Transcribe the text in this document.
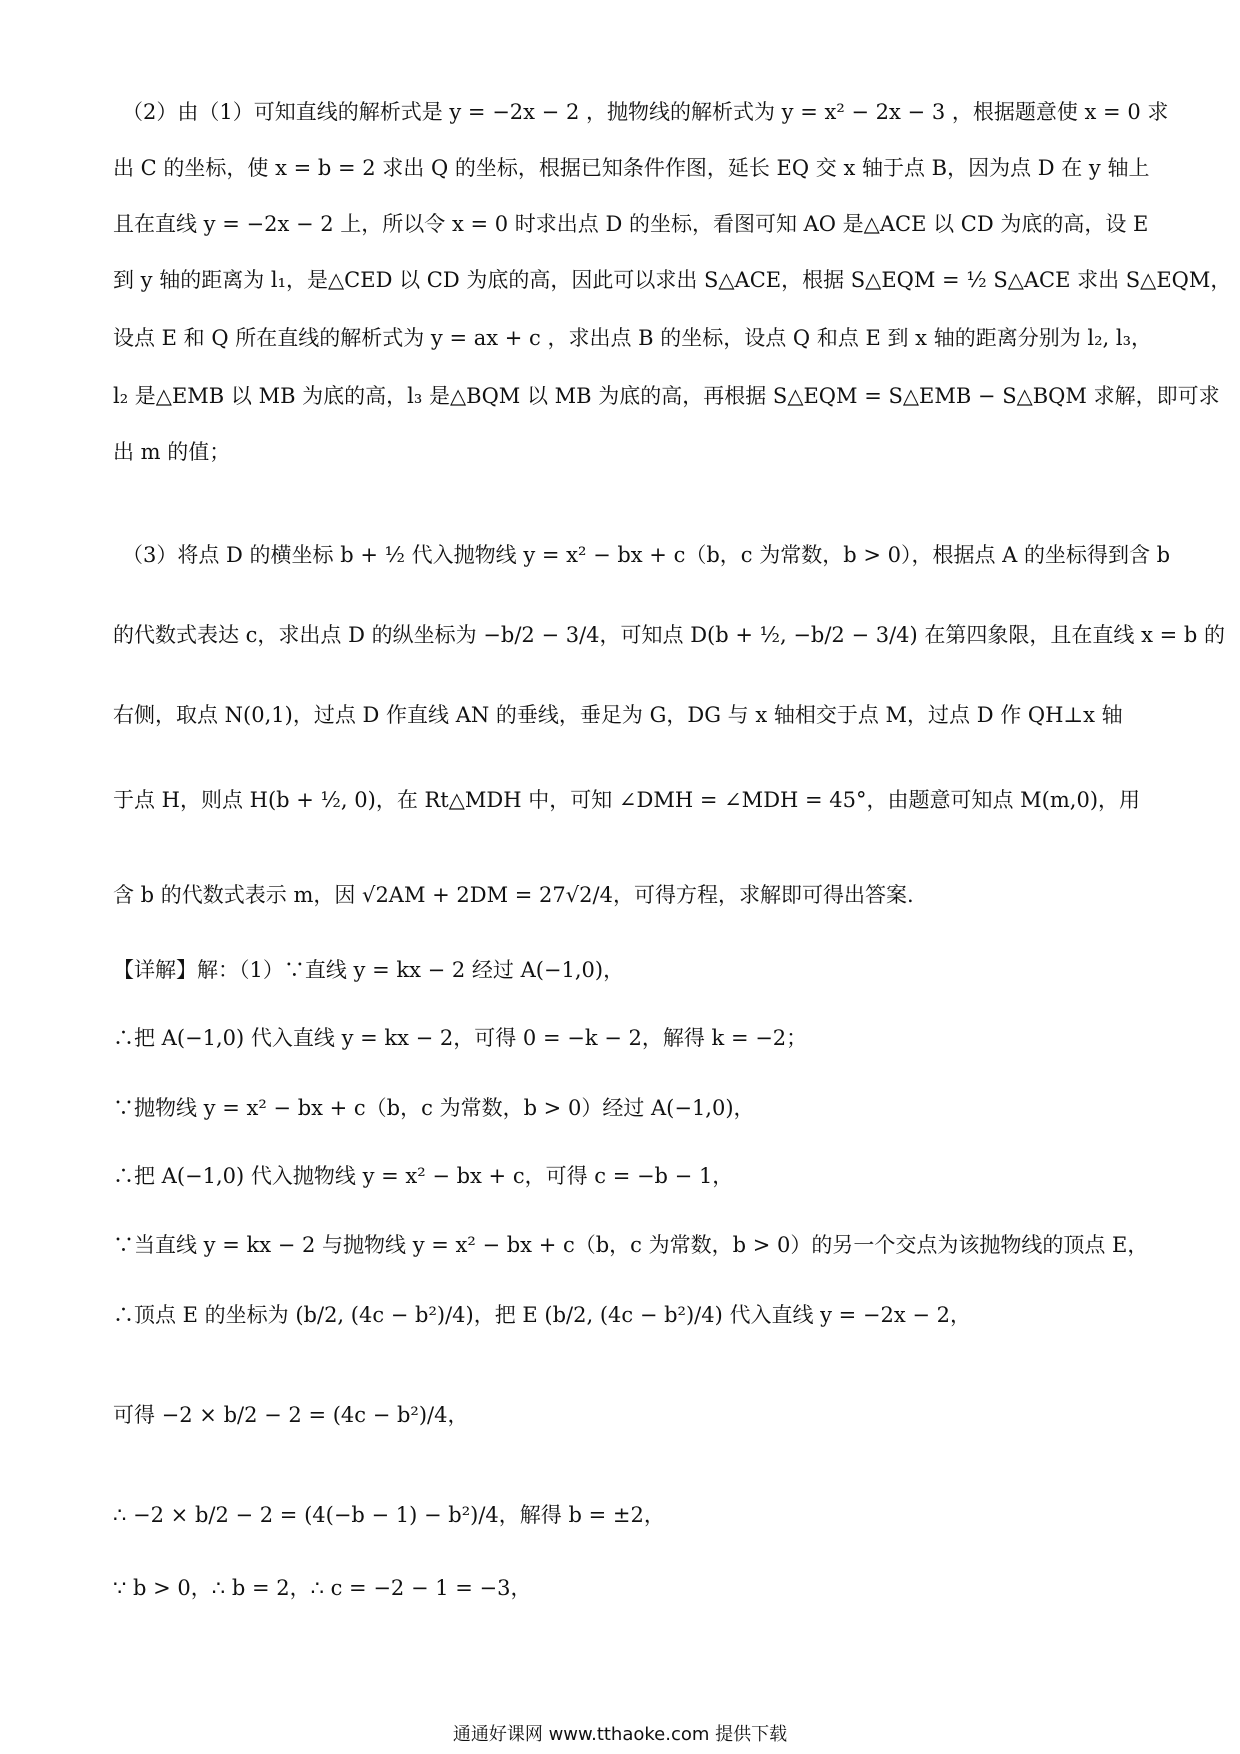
（2）由（1）可知直线的解析式是 y = −2x − 2 ，抛物线的解析式为 y = x² − 2x − 3 ，根据题意使 x = 0 求
出 C 的坐标，使 x = b = 2 求出 Q 的坐标，根据已知条件作图，延长 EQ 交 x 轴于点 B，因为点 D 在 y 轴上
且在直线 y = −2x − 2 上，所以令 x = 0 时求出点 D 的坐标，看图可知 AO 是△ACE 以 CD 为底的高，设 E
到 y 轴的距离为 l₁，是△CED 以 CD 为底的高，因此可以求出 S△ACE，根据 S△EQM = ½ S△ACE 求出 S△EQM，
设点 E 和 Q 所在直线的解析式为 y = ax + c ，求出点 B 的坐标，设点 Q 和点 E 到 x 轴的距离分别为 l₂, l₃，
l₂ 是△EMB 以 MB 为底的高，l₃ 是△BQM 以 MB 为底的高，再根据 S△EQM = S△EMB − S△BQM 求解，即可求
出 m 的值；
（3）将点 D 的横坐标 b + ½ 代入抛物线 y = x² − bx + c（b，c 为常数，b > 0），根据点 A 的坐标得到含 b
的代数式表达 c，求出点 D 的纵坐标为 −b/2 − 3/4，可知点 D(b + ½, −b/2 − 3/4) 在第四象限，且在直线 x = b 的
右侧，取点 N(0,1)，过点 D 作直线 AN 的垂线，垂足为 G，DG 与 x 轴相交于点 M，过点 D 作 QH⊥x 轴
于点 H，则点 H(b + ½, 0)，在 Rt△MDH 中，可知 ∠DMH = ∠MDH = 45°，由题意可知点 M(m,0)，用
含 b 的代数式表示 m，因 √2AM + 2DM = 27√2/4，可得方程，求解即可得出答案.
【详解】解：（1）∵直线 y = kx − 2 经过 A(−1,0)，
∴把 A(−1,0) 代入直线 y = kx − 2，可得 0 = −k − 2，解得 k = −2；
∵抛物线 y = x² − bx + c（b，c 为常数，b > 0）经过 A(−1,0)，
∴把 A(−1,0) 代入抛物线 y = x² − bx + c，可得 c = −b − 1，
∵当直线 y = kx − 2 与抛物线 y = x² − bx + c（b，c 为常数，b > 0）的另一个交点为该抛物线的顶点 E，
∴顶点 E 的坐标为 (b/2, (4c − b²)/4)，把 E (b/2, (4c − b²)/4) 代入直线 y = −2x − 2，
可得 −2 × b/2 − 2 = (4c − b²)/4，
∴ −2 × b/2 − 2 = (4(−b − 1) − b²)/4，解得 b = ±2，
∵ b > 0，∴ b = 2，∴ c = −2 − 1 = −3，
通通好课网 www.tthaoke.com 提供下载
